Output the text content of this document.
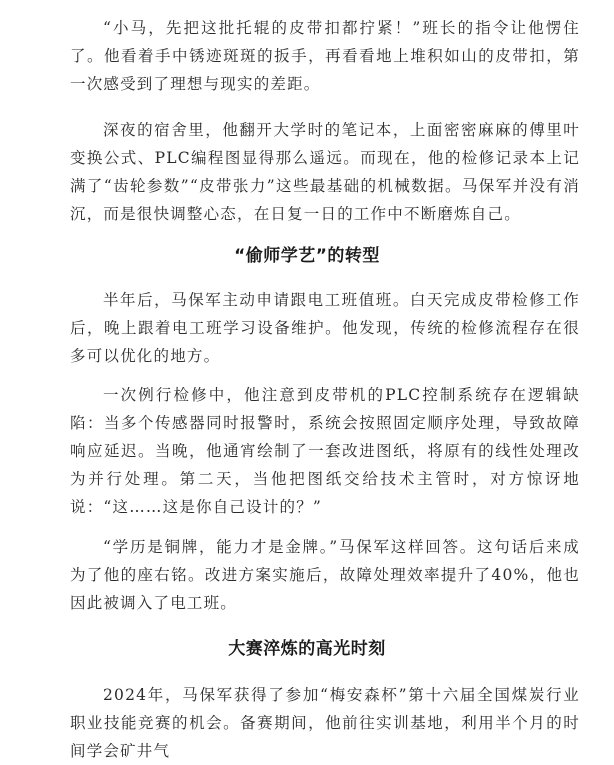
“小马，先把这批托辊的皮带扣都拧紧！”班长的指令让他愣住了。他看着手中锈迹斑斑的扳手，再看看地上堆积如山的皮带扣，第一次感受到了理想与现实的差距。

深夜的宿舍里，他翻开大学时的笔记本，上面密密麻麻的傅里叶变换公式、PLC编程图显得那么遥远。而现在，他的检修记录本上记满了“齿轮参数”“皮带张力”这些最基础的机械数据。马保军并没有消沉，而是很快调整心态，在日复一日的工作中不断磨炼自己。

“偷师学艺”的转型

半年后，马保军主动申请跟电工班值班。白天完成皮带检修工作后，晚上跟着电工班学习设备维护。他发现，传统的检修流程存在很多可以优化的地方。

一次例行检修中，他注意到皮带机的PLC控制系统存在逻辑缺陷：当多个传感器同时报警时，系统会按照固定顺序处理，导致故障响应延迟。当晚，他通宵绘制了一套改进图纸，将原有的线性处理改为并行处理。第二天，当他把图纸交给技术主管时，对方惊讶地说：“这……这是你自己设计的？”

“学历是铜牌，能力才是金牌。”马保军这样回答。这句话后来成为了他的座右铭。改进方案实施后，故障处理效率提升了40%，他也因此被调入了电工班。

大赛淬炼的高光时刻

2024年，马保军获得了参加“梅安森杯”第十六届全国煤炭行业职业技能竞赛的机会。备赛期间，他前往实训基地，利用半个月的时间学会矿井气
